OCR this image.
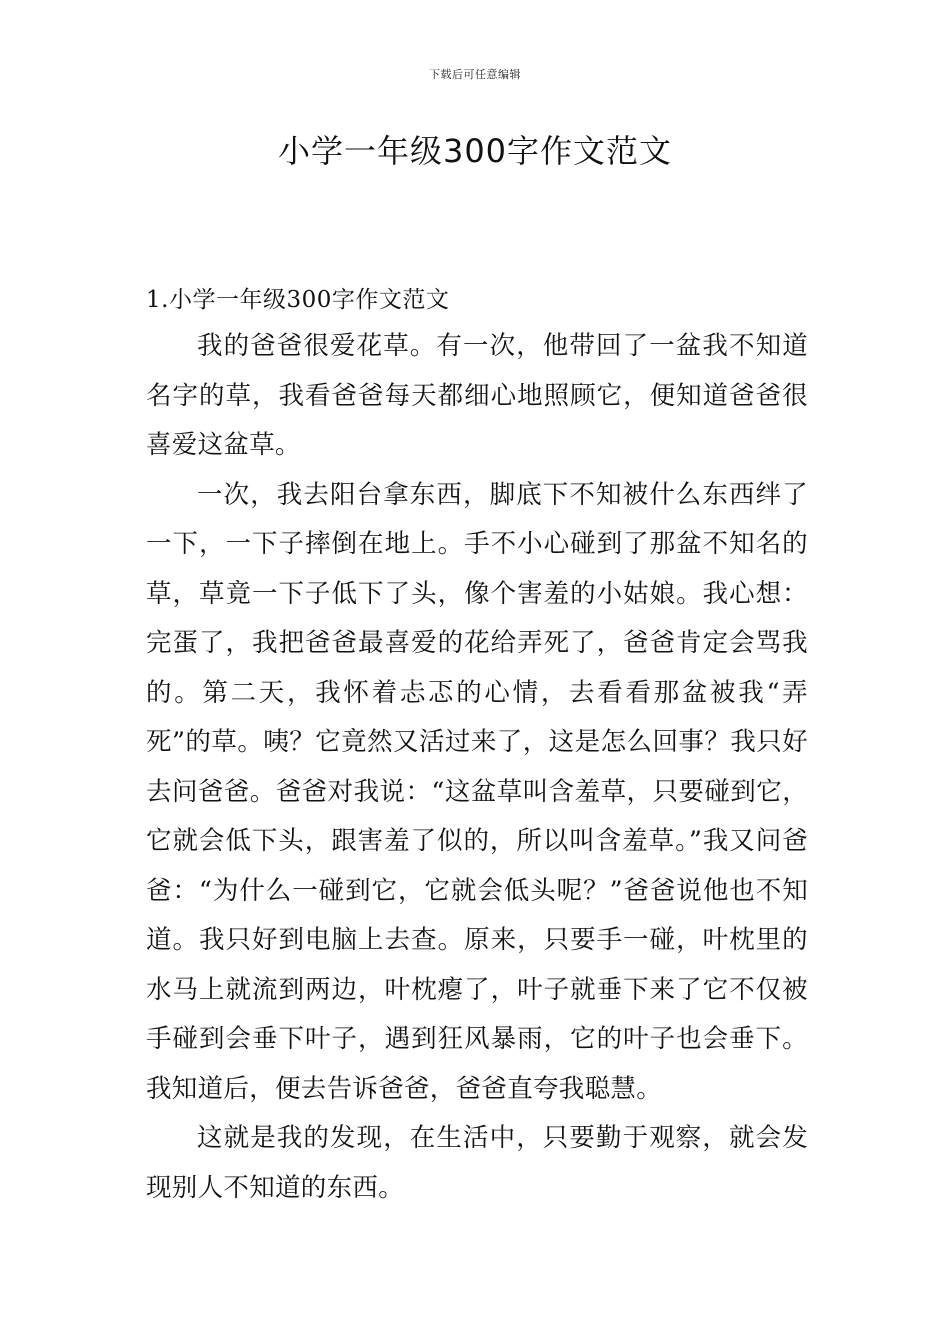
下载后可任意编辑
小学一年级300字作文范文
1.小学一年级300字作文范文

我的爸爸很爱花草。有一次，他带回了一盆我不知道名字的草，我看爸爸每天都细心地照顾它，便知道爸爸很喜爱这盆草。

一次，我去阳台拿东西，脚底下不知被什么东西绊了一下，一下子摔倒在地上。手不小心碰到了那盆不知名的草，草竟一下子低下了头，像个害羞的小姑娘。我心想：完蛋了，我把爸爸最喜爱的花给弄死了，爸爸肯定会骂我的。第二天，我怀着忐忑的心情，去看看那盆被我“弄死”的草。咦？它竟然又活过来了，这是怎么回事？我只好去问爸爸。爸爸对我说：“这盆草叫含羞草，只要碰到它，它就会低下头，跟害羞了似的，所以叫含羞草。”我又问爸爸：“为什么一碰到它，它就会低头呢？”爸爸说他也不知道。我只好到电脑上去查。原来，只要手一碰，叶枕里的水马上就流到两边，叶枕瘪了，叶子就垂下来了它不仅被手碰到会垂下叶子，遇到狂风暴雨，它的叶子也会垂下。我知道后，便去告诉爸爸，爸爸直夸我聪慧。

这就是我的发现，在生活中，只要勤于观察，就会发现别人不知道的东西。
